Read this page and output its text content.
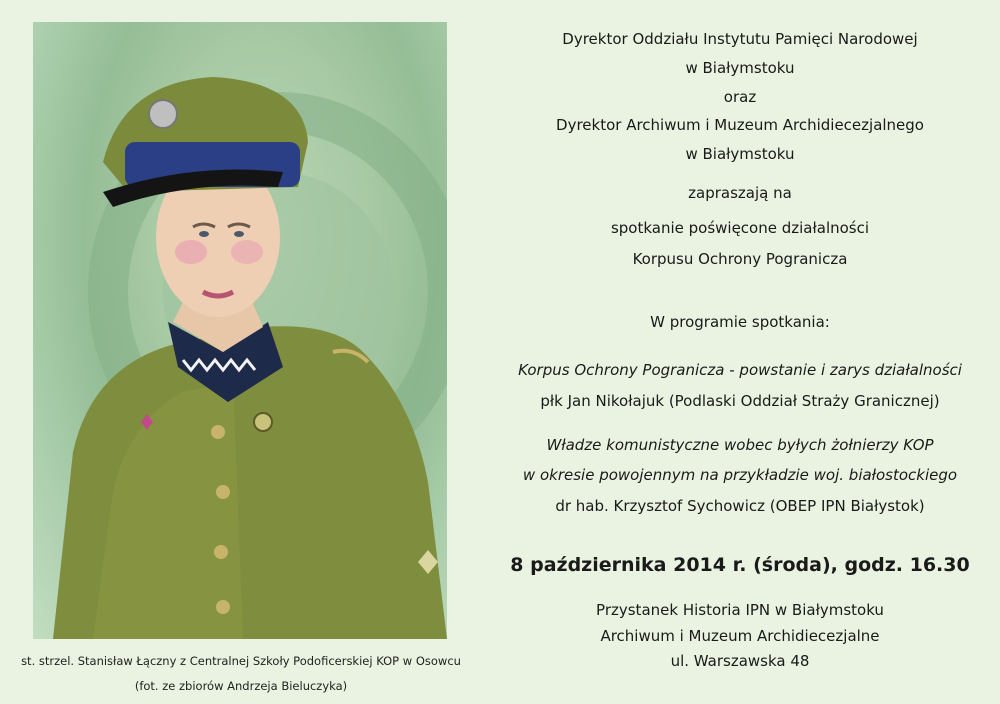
st. strzel. Stanisław Łączny z Centralnej Szkoły Podoficerskiej KOP w Osowcu
(fot. ze zbiorów Andrzeja Bieluczyka)
Dyrektor Oddziału Instytutu Pamięci Narodowej
w Białymstoku
oraz
Dyrektor Archiwum i Muzeum Archidiecezjalnego
w Białymstoku
zapraszają na
spotkanie poświęcone działalności
Korpusu Ochrony Pogranicza
W programie spotkania:
Korpus Ochrony Pogranicza - powstanie i zarys działalności
płk Jan Nikołajuk (Podlaski Oddział Straży Granicznej)
Władze komunistyczne wobec byłych żołnierzy KOP
w okresie powojennym na przykładzie woj. białostockiego
dr hab. Krzysztof Sychowicz (OBEP IPN Białystok)
8 października 2014 r. (środa), godz. 16.30
Przystanek Historia IPN w Białymstoku
Archiwum i Muzeum Archidiecezjalne
ul. Warszawska 48
